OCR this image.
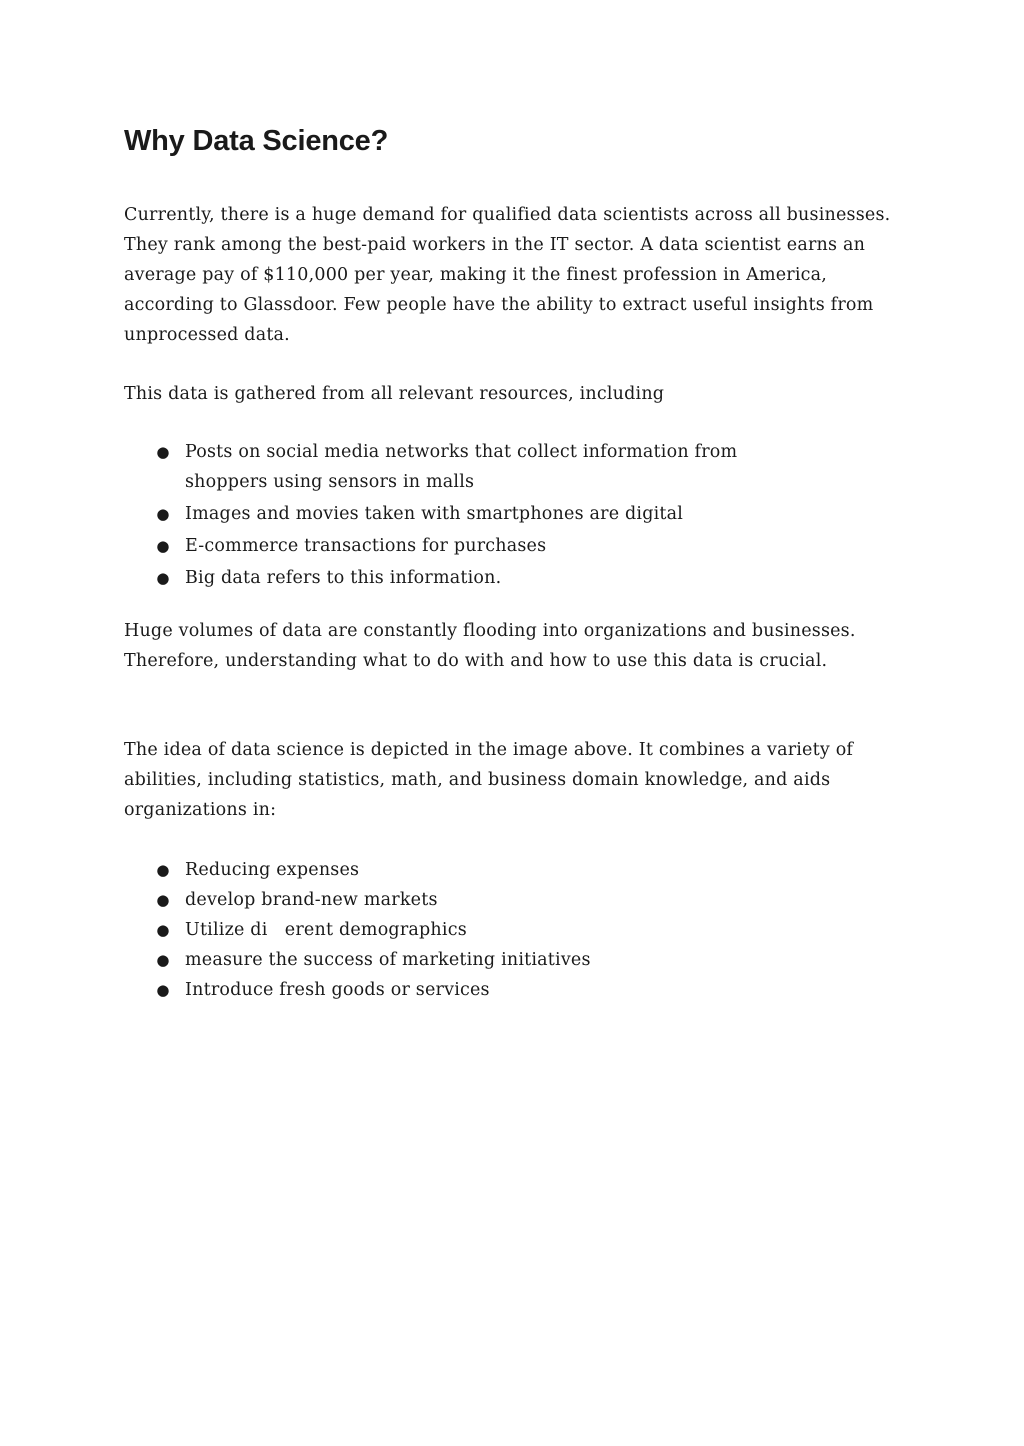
Why Data Science?

Currently, there is a huge demand for qualified data scientists across all businesses. They rank among the best-paid workers in the IT sector. A data scientist earns an average pay of $110,000 per year, making it the finest profession in America, according to Glassdoor. Few people have the ability to extract useful insights from unprocessed data.

This data is gathered from all relevant resources, including

● Posts on social media networks that collect information from shoppers using sensors in malls
● Images and movies taken with smartphones are digital
● E-commerce transactions for purchases
● Big data refers to this information.

Huge volumes of data are constantly flooding into organizations and businesses. Therefore, understanding what to do with and how to use this data is crucial.

The idea of data science is depicted in the image above. It combines a variety of abilities, including statistics, math, and business domain knowledge, and aids organizations in:

● Reducing expenses
● develop brand-new markets
● Utilize di   erent demographics
● measure the success of marketing initiatives
● Introduce fresh goods or services
